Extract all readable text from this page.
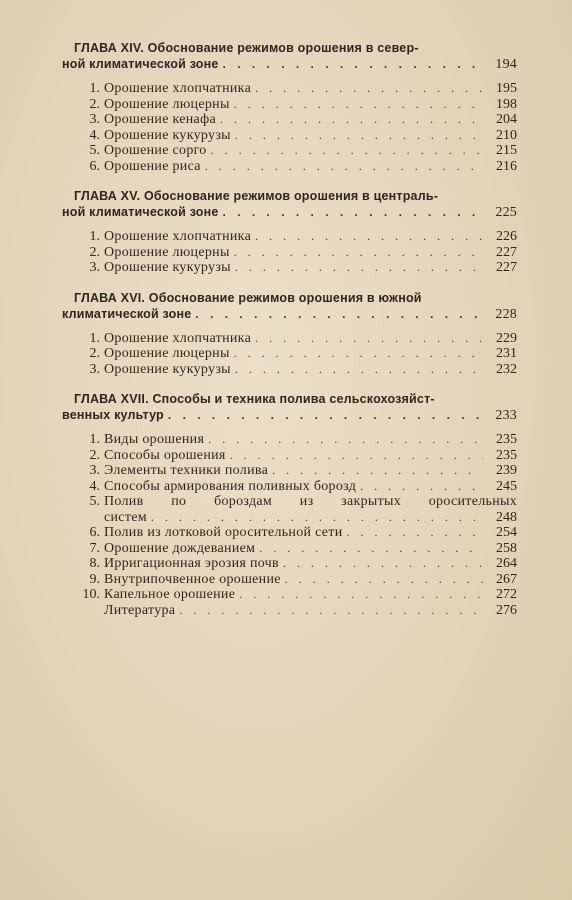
ГЛАВА XIV. Обоснование режимов орошения в север-
ной климатической зоне . . .	194
1. Орошение хлопчатника . . .	195
2. Орошение люцерны . . .	198
3. Орошение кенафа . . .	204
4. Орошение кукурузы . . .	210
5. Орошение сорго . . .	215
6. Орошение риса . . .	216
ГЛАВА XV. Обоснование режимов орошения в централь-
ной климатической зоне . . .	225
1. Орошение хлопчатника . . .	226
2. Орошение люцерны . . .	227
3. Орошение кукурузы . . .	227
ГЛАВА XVI. Обоснование режимов орошения в южной
климатической зоне . . .	228
1. Орошение хлопчатника . . .	229
2. Орошение люцерны . . .	231
3. Орошение кукурузы . . .	232
ГЛАВА XVII. Способы и техника полива сельскохозяйст-
венных культур . . .	233
1. Виды орошения . . .	235
2. Способы орошения . . .	235
3. Элементы техники полива . . .	239
4. Способы армирования поливных борозд . . .	245
5. Полив по бороздам из закрытых оросительных
систем . . .	248
6. Полив из лотковой оросительной сети . . .	254
7. Орошение дождеванием . . .	258
8. Ирригационная эрозия почв . . .	264
9. Внутрипочвенное орошение . . .	267
10. Капельное орошение . . .	272
Литература . . .	276
